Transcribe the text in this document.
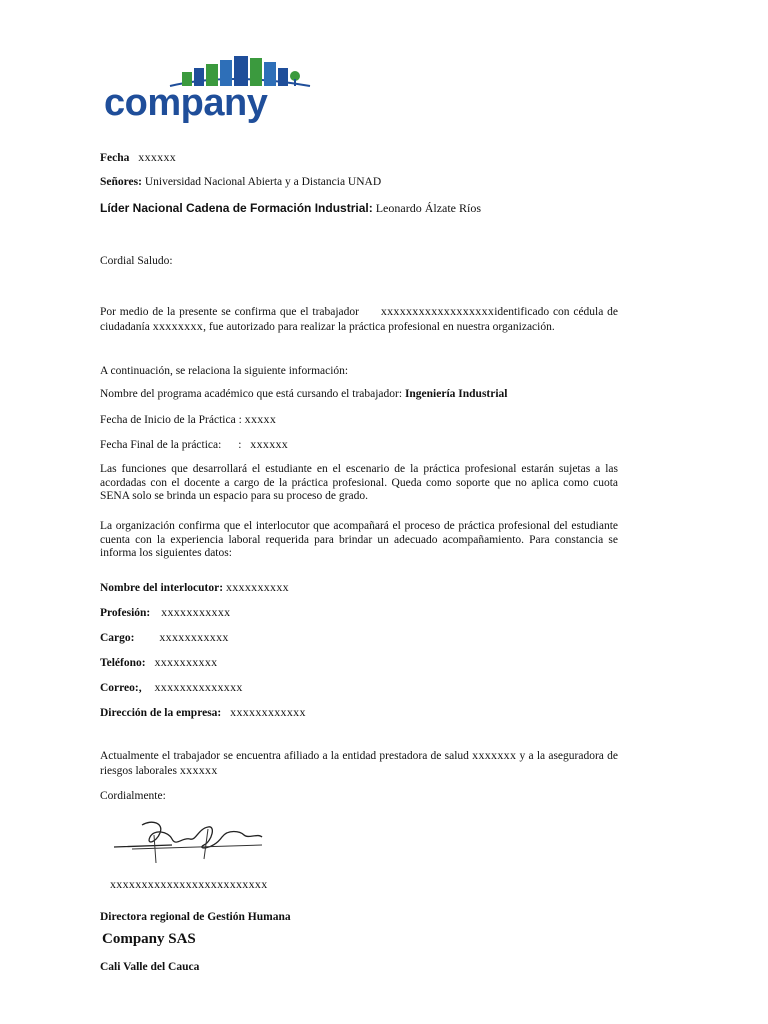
company
Fecha xxxxxx
Señores: Universidad Nacional Abierta y a Distancia UNAD
Líder Nacional Cadena de Formación Industrial: Leonardo Álzate Ríos
Cordial Saludo:
Por medio de la presente se confirma que el trabajador xxxxxxxxxxxxxxxxxxidentificado con cédula de ciudadanía xxxxxxxx, fue autorizado para realizar la práctica profesional en nuestra organización.
A continuación, se relaciona la siguiente información:
Nombre del programa académico que está cursando el trabajador: Ingeniería Industrial
Fecha de Inicio de la Práctica : xxxxx
Fecha Final de la práctica: : xxxxxx
Las funciones que desarrollará el estudiante en el escenario de la práctica profesional estarán sujetas a las acordadas con el docente a cargo de la práctica profesional. Queda como soporte que no aplica como cuota SENA solo se brinda un espacio para su proceso de grado.
La organización confirma que el interlocutor que acompañará el proceso de práctica profesional del estudiante cuenta con la experiencia laboral requerida para brindar un adecuado acompañamiento. Para constancia se informa los siguientes datos:
Nombre del interlocutor: xxxxxxxxxx
Profesión: xxxxxxxxxxx
Cargo: xxxxxxxxxxx
Teléfono: xxxxxxxxxx
Correo:, xxxxxxxxxxxxxx
Dirección de la empresa: xxxxxxxxxxxx
Actualmente el trabajador se encuentra afiliado a la entidad prestadora de salud xxxxxxx y a la aseguradora de riesgos laborales xxxxxx
Cordialmente:
xxxxxxxxxxxxxxxxxxxxxxxxx
Directora regional de Gestión Humana
Company SAS
Cali Valle del Cauca
